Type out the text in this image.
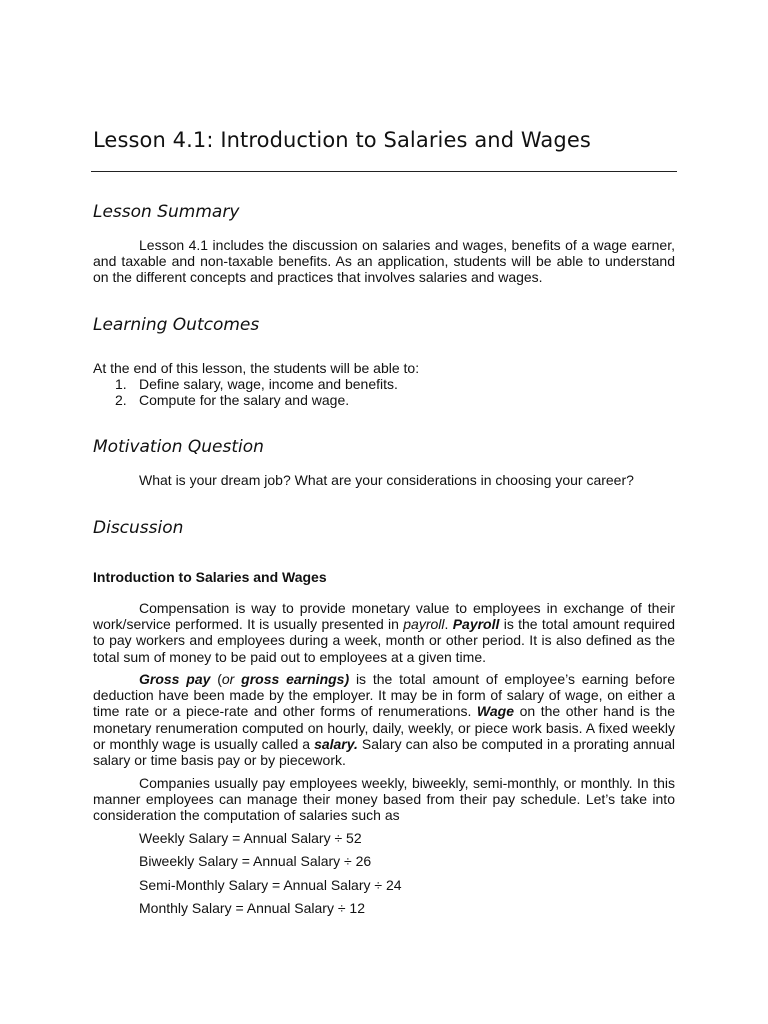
Lesson 4.1: Introduction to Salaries and Wages
Lesson Summary

Lesson 4.1 includes the discussion on salaries and wages, benefits of a wage earner, and taxable and non-taxable benefits. As an application, students will be able to understand on the different concepts and practices that involves salaries and wages.

Learning Outcomes

At the end of this lesson, the students will be able to:

1. Define salary, wage, income and benefits.
2. Compute for the salary and wage.
Motivation Question

What is your dream job? What are your considerations in choosing your career?

Discussion
Introduction to Salaries and Wages

Compensation is way to provide monetary value to employees in exchange of their work/service performed. It is usually presented in payroll. Payroll is the total amount required to pay workers and employees during a week, month or other period. It is also defined as the total sum of money to be paid out to employees at a given time.

Gross pay (or gross earnings) is the total amount of employee’s earning before deduction have been made by the employer. It may be in form of salary of wage, on either a time rate or a piece-rate and other forms of renumerations. Wage on the other hand is the monetary renumeration computed on hourly, daily, weekly, or piece work basis. A fixed weekly or monthly wage is usually called a salary. Salary can also be computed in a prorating annual salary or time basis pay or by piecework.

Companies usually pay employees weekly, biweekly, semi-monthly, or monthly. In this manner employees can manage their money based from their pay schedule. Let’s take into consideration the computation of salaries such as

Weekly Salary = Annual Salary ÷ 52
Biweekly Salary = Annual Salary ÷ 26
Semi-Monthly Salary = Annual Salary ÷ 24
Monthly Salary = Annual Salary ÷ 12
